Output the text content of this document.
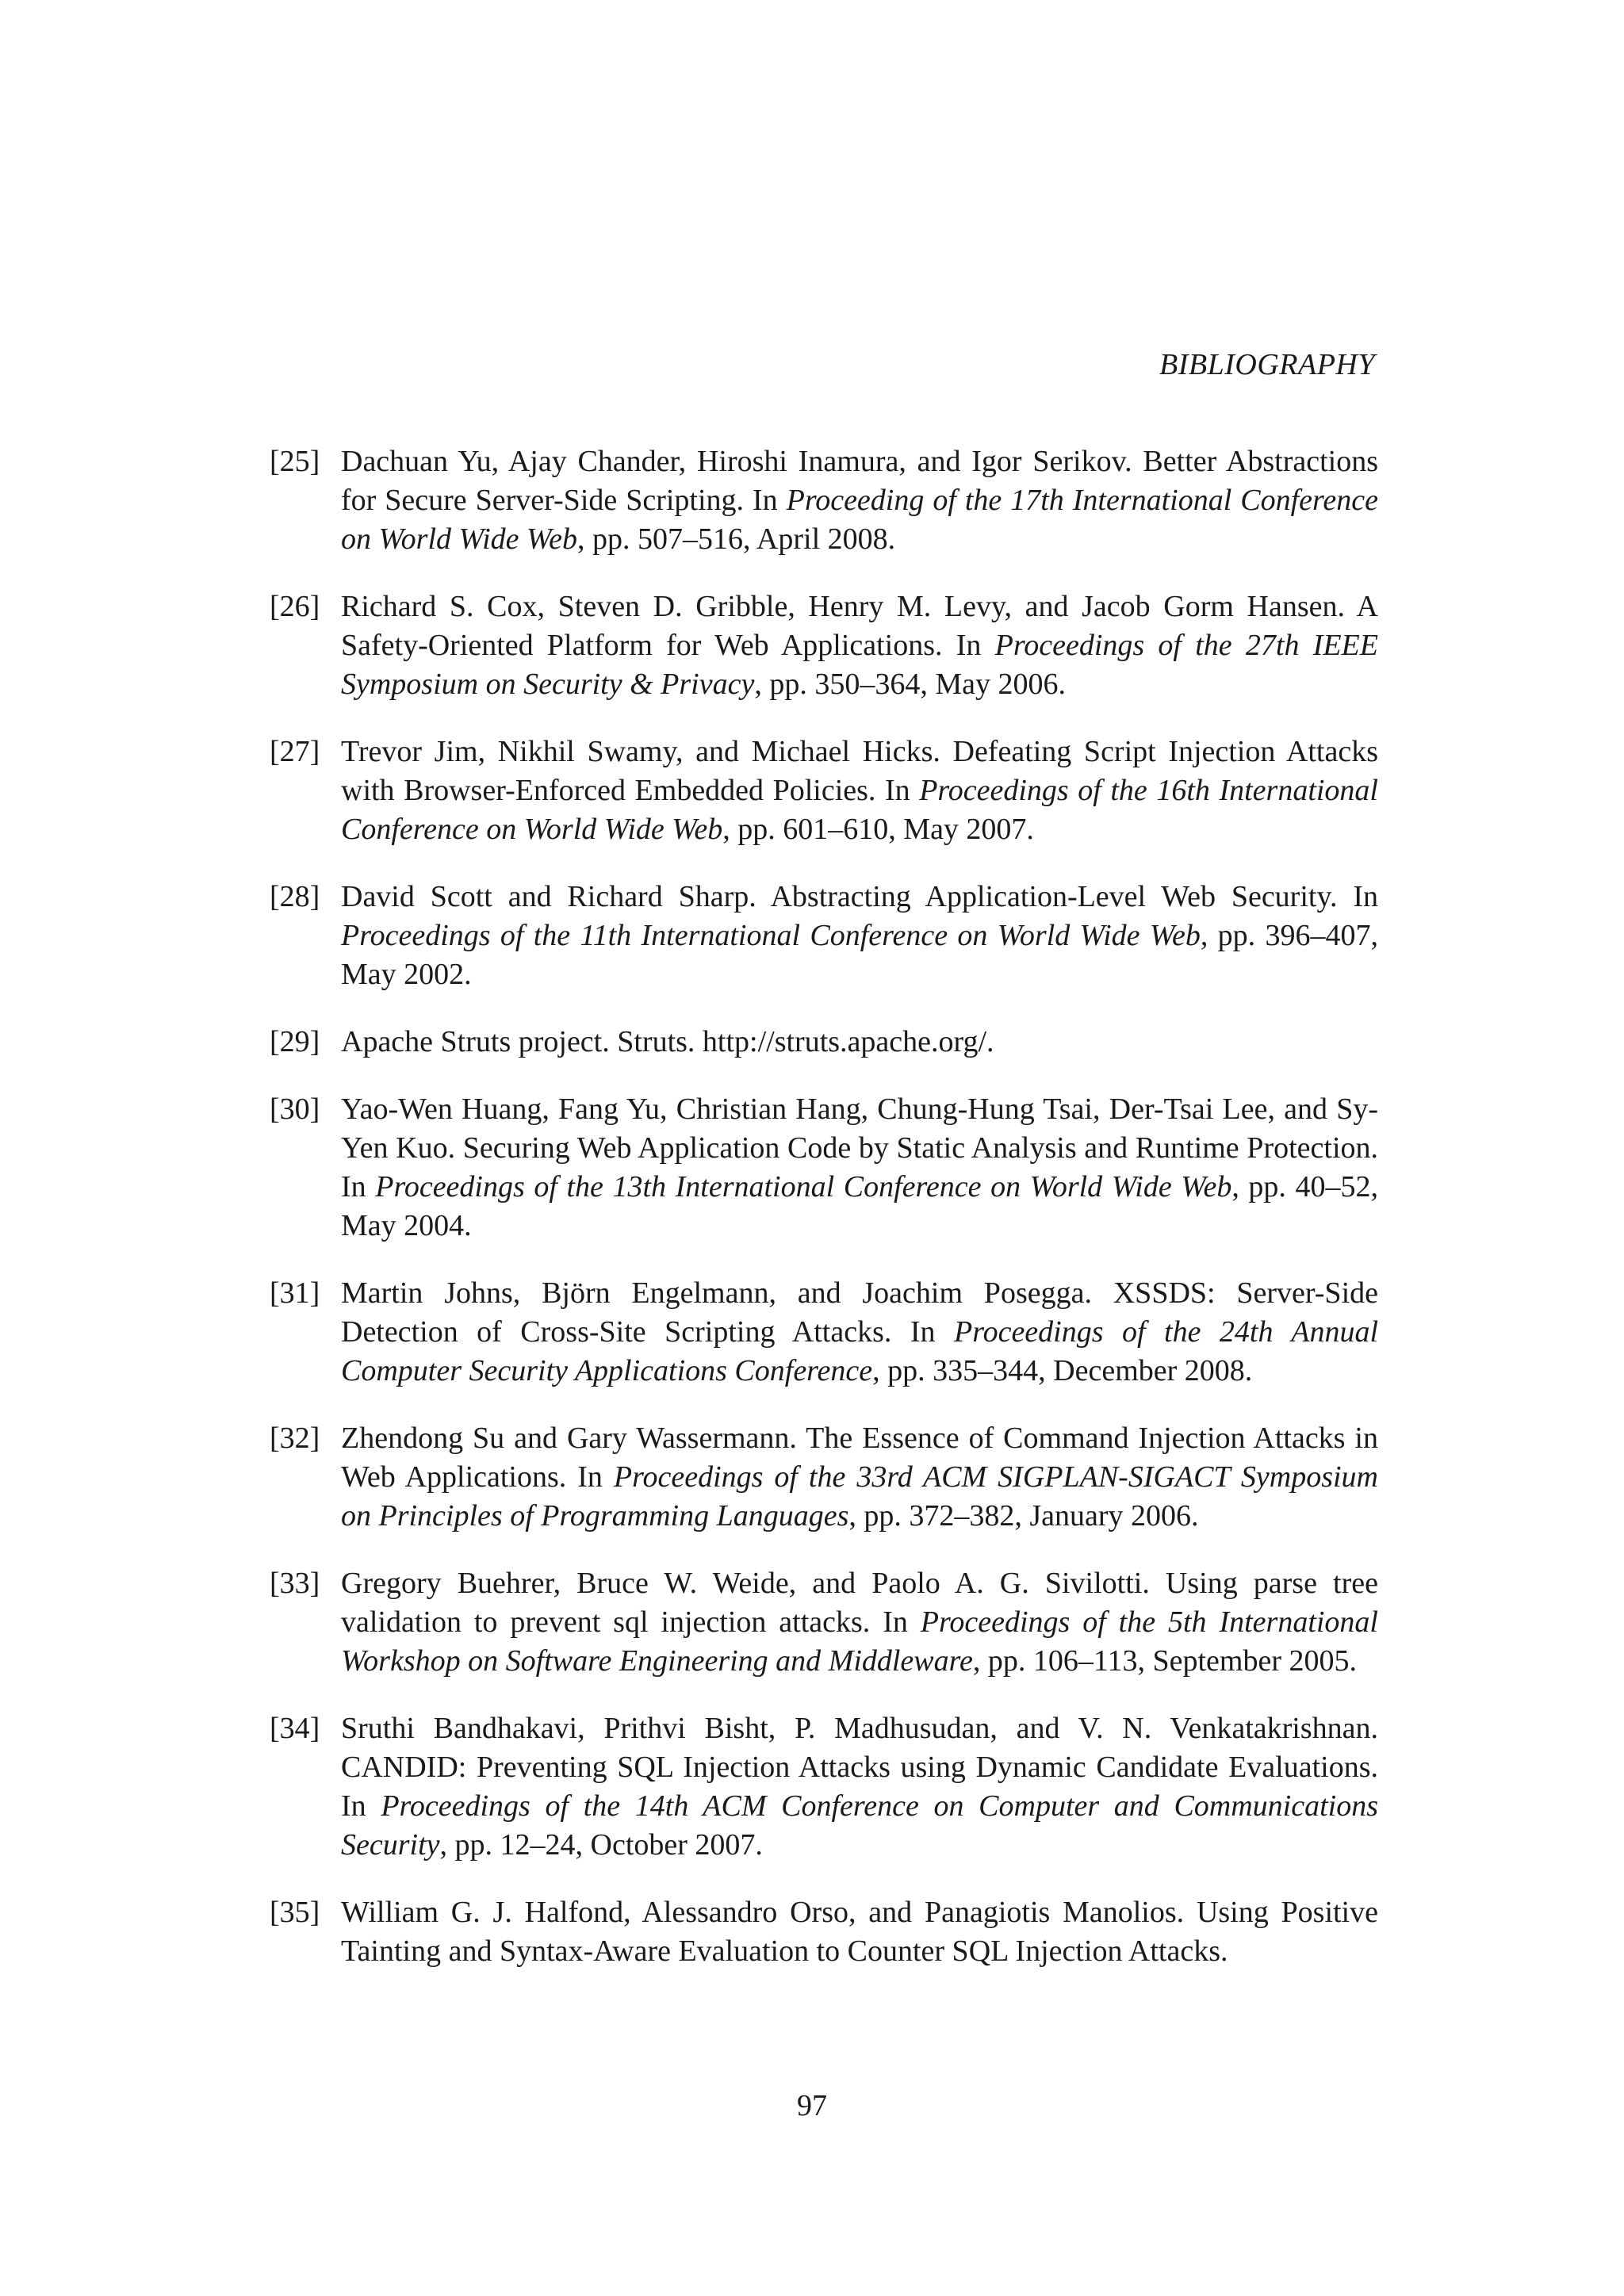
BIBLIOGRAPHY
[25] Dachuan Yu, Ajay Chander, Hiroshi Inamura, and Igor Serikov. Better Abstractions for Secure Server-Side Scripting. In Proceeding of the 17th International Conference on World Wide Web, pp. 507–516, April 2008.
[26] Richard S. Cox, Steven D. Gribble, Henry M. Levy, and Jacob Gorm Hansen. A Safety-Oriented Platform for Web Applications. In Proceedings of the 27th IEEE Symposium on Security & Privacy, pp. 350–364, May 2006.
[27] Trevor Jim, Nikhil Swamy, and Michael Hicks. Defeating Script Injection Attacks with Browser-Enforced Embedded Policies. In Proceedings of the 16th International Conference on World Wide Web, pp. 601–610, May 2007.
[28] David Scott and Richard Sharp. Abstracting Application-Level Web Security. In Proceedings of the 11th International Conference on World Wide Web, pp. 396–407, May 2002.
[29] Apache Struts project. Struts. http://struts.apache.org/.
[30] Yao-Wen Huang, Fang Yu, Christian Hang, Chung-Hung Tsai, Der-Tsai Lee, and Sy-Yen Kuo. Securing Web Application Code by Static Analysis and Runtime Protection. In Proceedings of the 13th International Conference on World Wide Web, pp. 40–52, May 2004.
[31] Martin Johns, Björn Engelmann, and Joachim Posegga. XSSDS: Server-Side Detection of Cross-Site Scripting Attacks. In Proceedings of the 24th Annual Computer Security Applications Conference, pp. 335–344, December 2008.
[32] Zhendong Su and Gary Wassermann. The Essence of Command Injection Attacks in Web Applications. In Proceedings of the 33rd ACM SIGPLAN-SIGACT Symposium on Principles of Programming Languages, pp. 372–382, January 2006.
[33] Gregory Buehrer, Bruce W. Weide, and Paolo A. G. Sivilotti. Using parse tree validation to prevent sql injection attacks. In Proceedings of the 5th International Workshop on Software Engineering and Middleware, pp. 106–113, September 2005.
[34] Sruthi Bandhakavi, Prithvi Bisht, P. Madhusudan, and V. N. Venkatakrishnan. CANDID: Preventing SQL Injection Attacks using Dynamic Candidate Evaluations. In Proceedings of the 14th ACM Conference on Computer and Communications Security, pp. 12–24, October 2007.
[35] William G. J. Halfond, Alessandro Orso, and Panagiotis Manolios. Using Positive Tainting and Syntax-Aware Evaluation to Counter SQL Injection Attacks.
97
